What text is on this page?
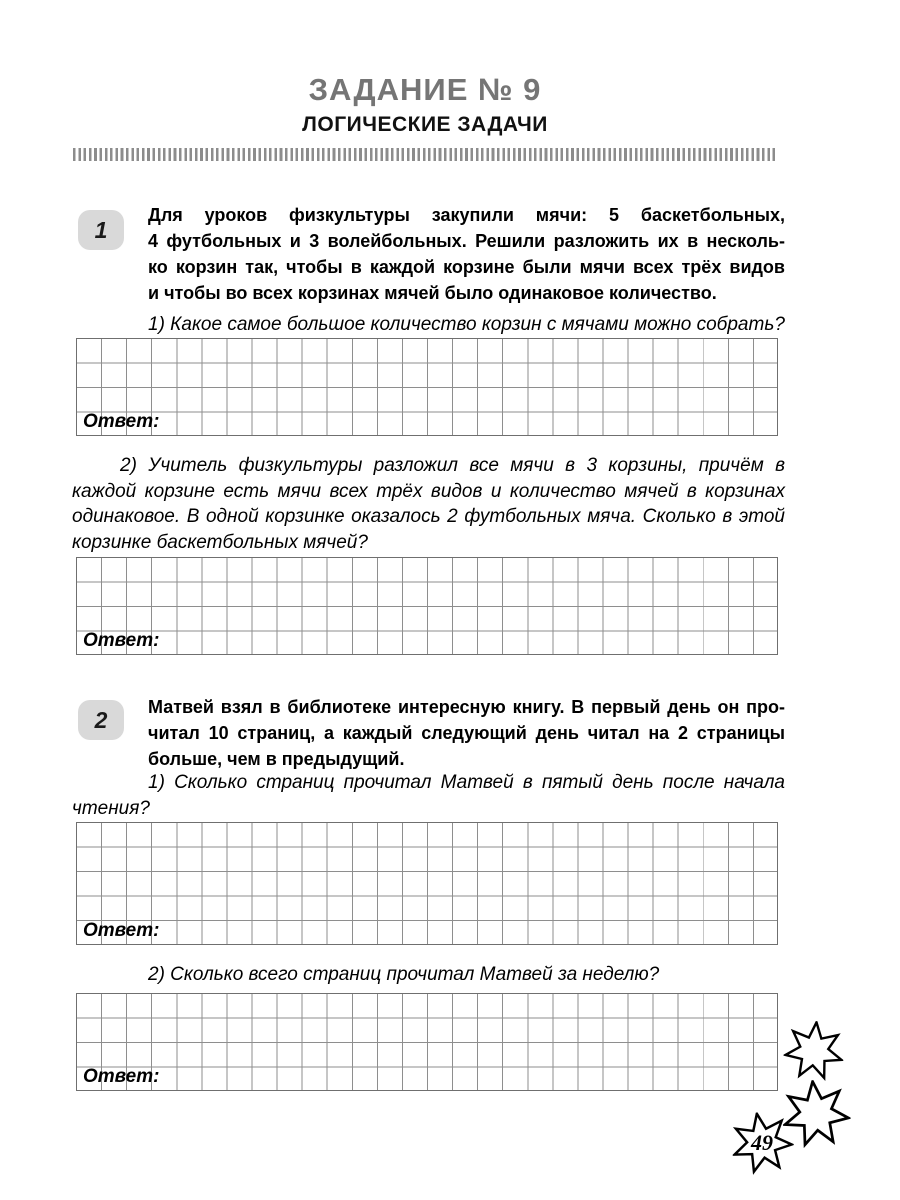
ЗАДАНИЕ № 9
ЛОГИЧЕСКИЕ ЗАДАЧИ
1
Для уроков физкультуры закупили мячи: 5 баскетбольных,
4 футбольных и 3 волейбольных. Решили разложить их в несколь-
ко корзин так, чтобы в каждой корзине были мячи всех трёх видов
и чтобы во всех корзинах мячей было одинаковое количество.
1) Какое самое большое количество корзин с мячами можно собрать?
Ответ:
2) Учитель физкультуры разложил все мячи в 3 корзины, причём в
каждой корзине есть мячи всех трёх видов и количество мячей в корзинах
одинаковое. В одной корзинке оказалось 2 футбольных мяча. Сколько в этой
корзинке баскетбольных мячей?
Ответ:
2	Матвей взял в библиотеке интересную книгу. В первый день он про-
читал 10 страниц, а каждый следующий день читал на 2 страницы
больше, чем в предыдущий.
1) Сколько страниц прочитал Матвей в пятый день после начала
чтения?
Ответ:
2) Сколько всего страниц прочитал Матвей за неделю?
Ответ:
49
